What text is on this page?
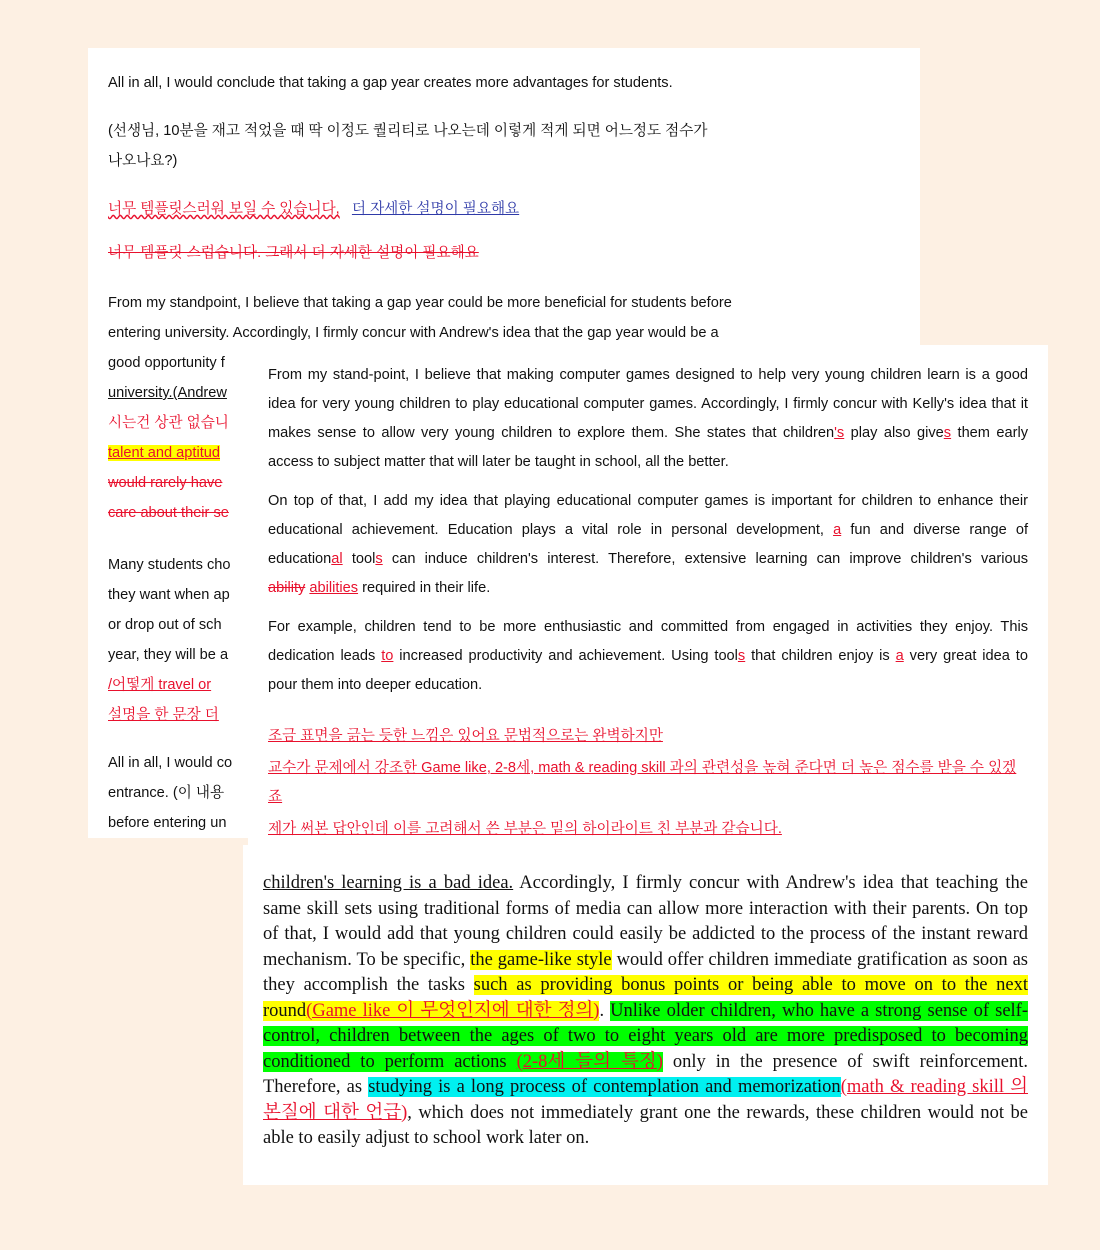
All in all, I would conclude that taking a gap year creates more advantages for students.

(선생님, 10분을 재고 적었을 때 딱 이정도 퀄리티로 나오는데 이렇게 적게 되면 어느정도 점수가
나오나요?)

너무 템플릿스러워 보일 수 있습니다, 더 자세한 설명이 필요해요

너무 템플릿 스럽습니다. 그래서 더 자세한 설명이 필요해요

From my standpoint, I believe that taking a gap year could be more beneficial for students before
entering university. Accordingly, I firmly concur with Andrew's idea that the gap year would be a
good opportunity f
university.(Andrew
시는건 상관 없습니
talent and aptitud
would rarely have
care about their se

Many students cho
they want when ap
or drop out of sch
year, they will be a
/어떻게 travel or
설명을 한 문장 더

All in all, I would co
entrance. (이 내용
before entering un

From my stand-point, I believe that making computer games designed to help very young children learn is a good idea for very young children to play educational computer games. Accordingly, I firmly concur with Kelly's idea that it makes sense to allow very young children to explore them. She states that children's play also gives them early access to subject matter that will later be taught in school, all the better.

On top of that, I add my idea that playing educational computer games is important for children to enhance their educational achievement. Education plays a vital role in personal development, a fun and diverse range of educational tools can induce children's interest. Therefore, extensive learning can improve children's various ability abilities required in their life.

For example, children tend to be more enthusiastic and committed from engaged in activities they enjoy. This dedication leads to increased productivity and achievement. Using tools that children enjoy is a very great idea to pour them into deeper education.

조금 표면을 긁는 듯한 느낌은 있어요 문법적으로는 완벽하지만

교수가 문제에서 강조한 Game like, 2-8세, math & reading skill 과의 관련성을 높혀 준다면 더 높은 점수를 받을 수 있겠죠

제가 써본 답안인데 이를 고려해서 쓴 부분은 밑의 하이라이트 친 부분과 같습니다.

children's learning is a bad idea. Accordingly, I firmly concur with Andrew's idea that teaching the same skill sets using traditional forms of media can allow more interaction with their parents. On top of that, I would add that young children could easily be addicted to the process of the instant reward mechanism. To be specific, the game-like style would offer children immediate gratification as soon as they accomplish the tasks such as providing bonus points or being able to move on to the next round(Game like 이 무엇인지에 대한 정의). Unlike older children, who have a strong sense of self-control, children between the ages of two to eight years old are more predisposed to becoming conditioned to perform actions (2-8세 들의 특징) only in the presence of swift reinforcement. Therefore, as studying is a long process of contemplation and memorization(math & reading skill 의 본질에 대한 언급), which does not immediately grant one the rewards, these children would not be able to easily adjust to school work later on.
